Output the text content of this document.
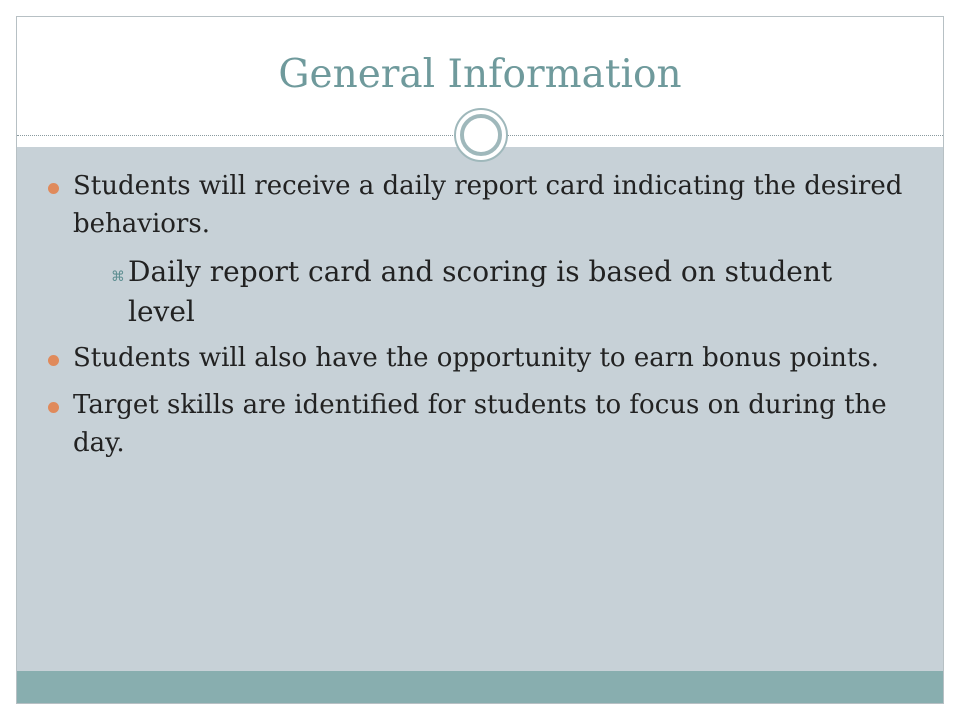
General Information
Students will receive a daily report card indicating the desired behaviors.
⌘ Daily report card and scoring is based on student level
Students will also have the opportunity to earn bonus points.
Target skills are identified for students to focus on during the day.
